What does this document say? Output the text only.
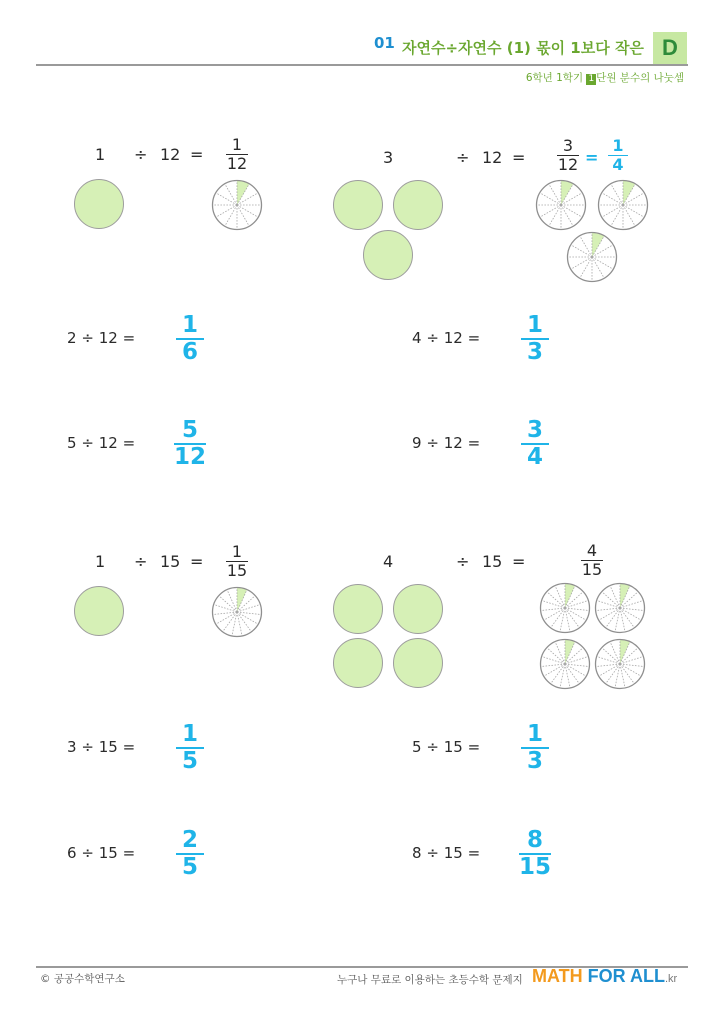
01 자연수÷자연수 (1) 몫이 1보다 작은 D
6학년 1학기 1 단원 분수의 나눗셈
1 ÷ 12 =
1
12	3	÷ 12 =
3
12 =
1
4
2 ÷ 12 = 1
6
4 ÷ 12 = 1
3
5 ÷ 12 = 5
12
9 ÷ 12 = 3
4
1 ÷ 15 =
1
15	4	÷ 15 =
4
15
3 ÷ 15 = 1
5
5 ÷ 15 = 1
3
6 ÷ 15 = 2
5
8 ÷ 15 = 8
15
© 공공수학연구소	누구나 무료로 이용하는 초등수학 문제지 MATH FOR ALL.kr
